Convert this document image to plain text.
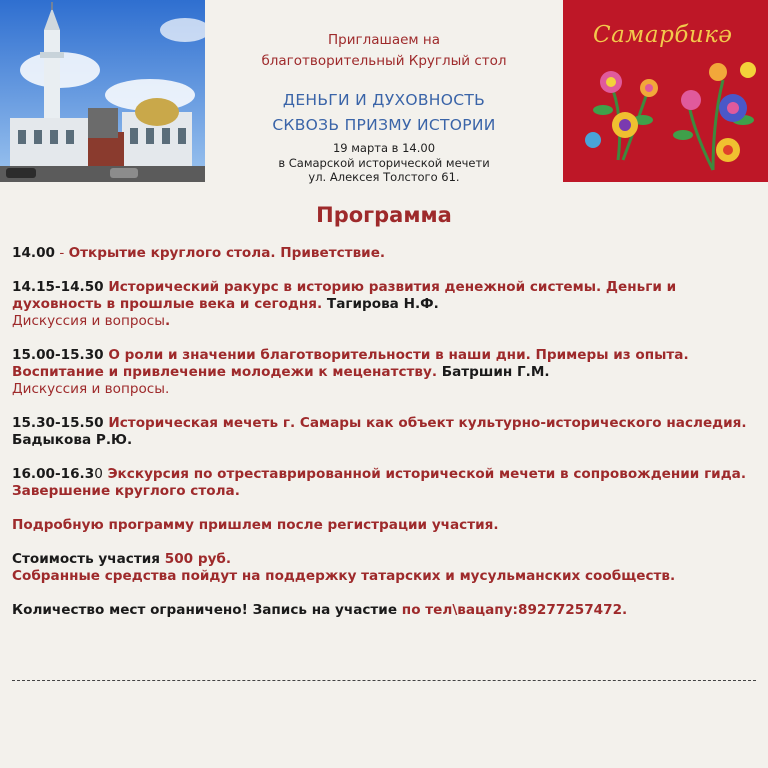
Самарбикә
Приглашаем на
благотворительный Круглый стол
ДЕНЬГИ И ДУХОВНОСТЬ
СКВОЗЬ ПРИЗМУ ИСТОРИИ
19 марта в 14.00
в Самарской исторической мечети
ул. Алексея Толстого 61.
Программа

14.00 - Открытие круглого стола. Приветствие.

14.15-14.50 Исторический ракурс в историю развития денежной системы. Деньги и духовность в прошлые века и сегодня. Тагирова Н.Ф.
Дискуссия и вопросы.

15.00-15.30 О роли и значении благотворительности в наши дни. Примеры из опыта. Воспитание и привлечение молодежи к меценатству. Батршин Г.М.
Дискуссия и вопросы.

15.30-15.50 Историческая мечеть г. Самары как объект культурно-исторического наследия. Бадыкова Р.Ю.

16.00-16.30 Экскурсия по отреставрированной исторической мечети в сопровождении гида.
Завершение круглого стола.

Подробную программу пришлем после регистрации участия.

Стоимость участия 500 руб.
Собранные средства пойдут на поддержку татарских и мусульманских сообществ.

Количество мест ограничено! Запись на участие по тел\вацапу:89277257472.
